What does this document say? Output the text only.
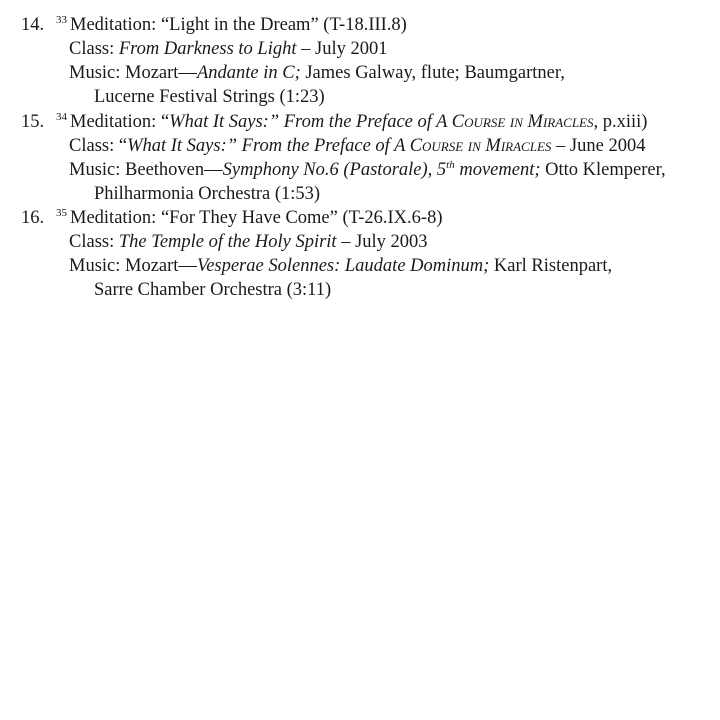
14. $^{33}$ Meditation: “Light in the Dream” (T-18.III.8)
Class: From Darkness to Light – July 2001
Music: Mozart—Andante in C; James Galway, flute; Baumgartner,
Lucerne Festival Strings (1:23)
15. $^{34}$ Meditation: “What It Says:” From the Preface of A Course in Miracles, p.xiii)
Class: “What It Says:” From the Preface of A Course in Miracles – June 2004
Music: Beethoven—Symphony No.6 (Pastorale), 5th movement; Otto Klemperer,
Philharmonia Orchestra (1:53)
16. $^{35}$ Meditation: “For They Have Come” (T-26.IX.6-8)
Class: The Temple of the Holy Spirit – July 2003
Music: Mozart—Vesperae Solennes: Laudate Dominum; Karl Ristenpart,
Sarre Chamber Orchestra (3:11)
